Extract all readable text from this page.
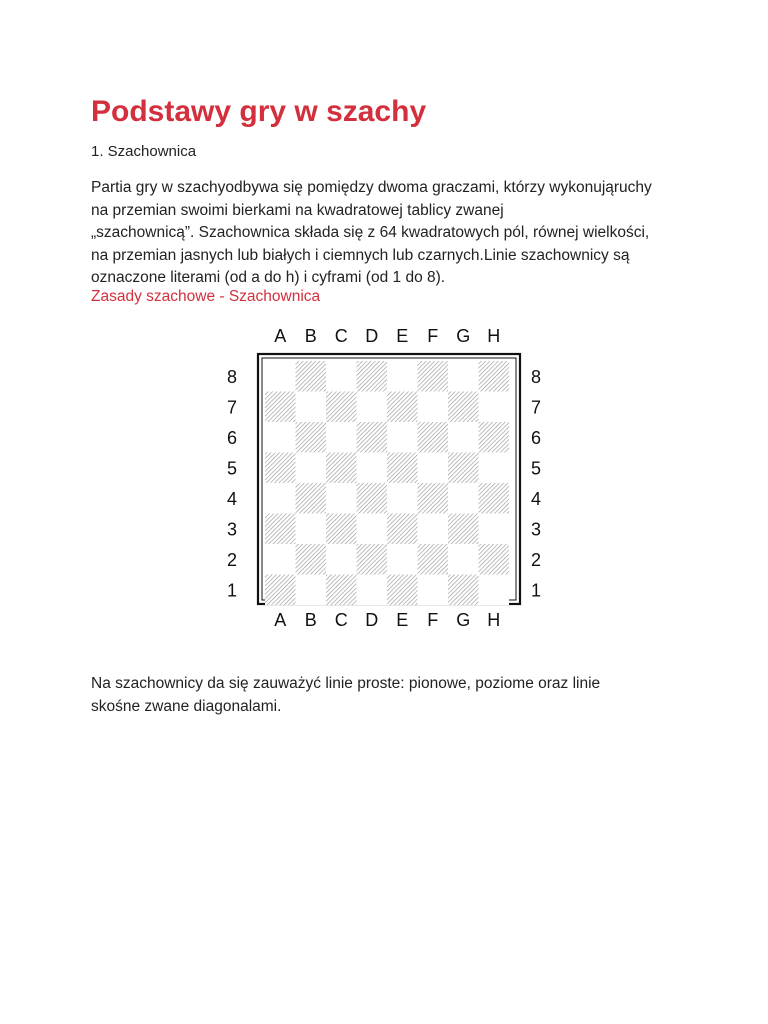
Podstawy gry w szachy

1. Szachownica

Partia gry w szachyodbywa się pomiędzy dwoma graczami, którzy wykonująruchy
na przemian swoimi bierkami na kwadratowej tablicy zwanej
„szachownicą”. Szachownica składa się z 64 kwadratowych pól, równej wielkości,
na przemian jasnych lub białych i ciemnych lub czarnych.Linie szachownicy są
oznaczone literami (od a do h) i cyframi (od 1 do 8).

Zasady szachowe - Szachownica
A
A
B
B
C
C
D
D
E
E
F
F
G
G
H
H
8	8
7	7
6	6
5	5
4	4
3	3
2	2
1	1

Na szachownicy da się zauważyć linie proste: pionowe, poziome oraz linie
skośne zwane diagonalami.
